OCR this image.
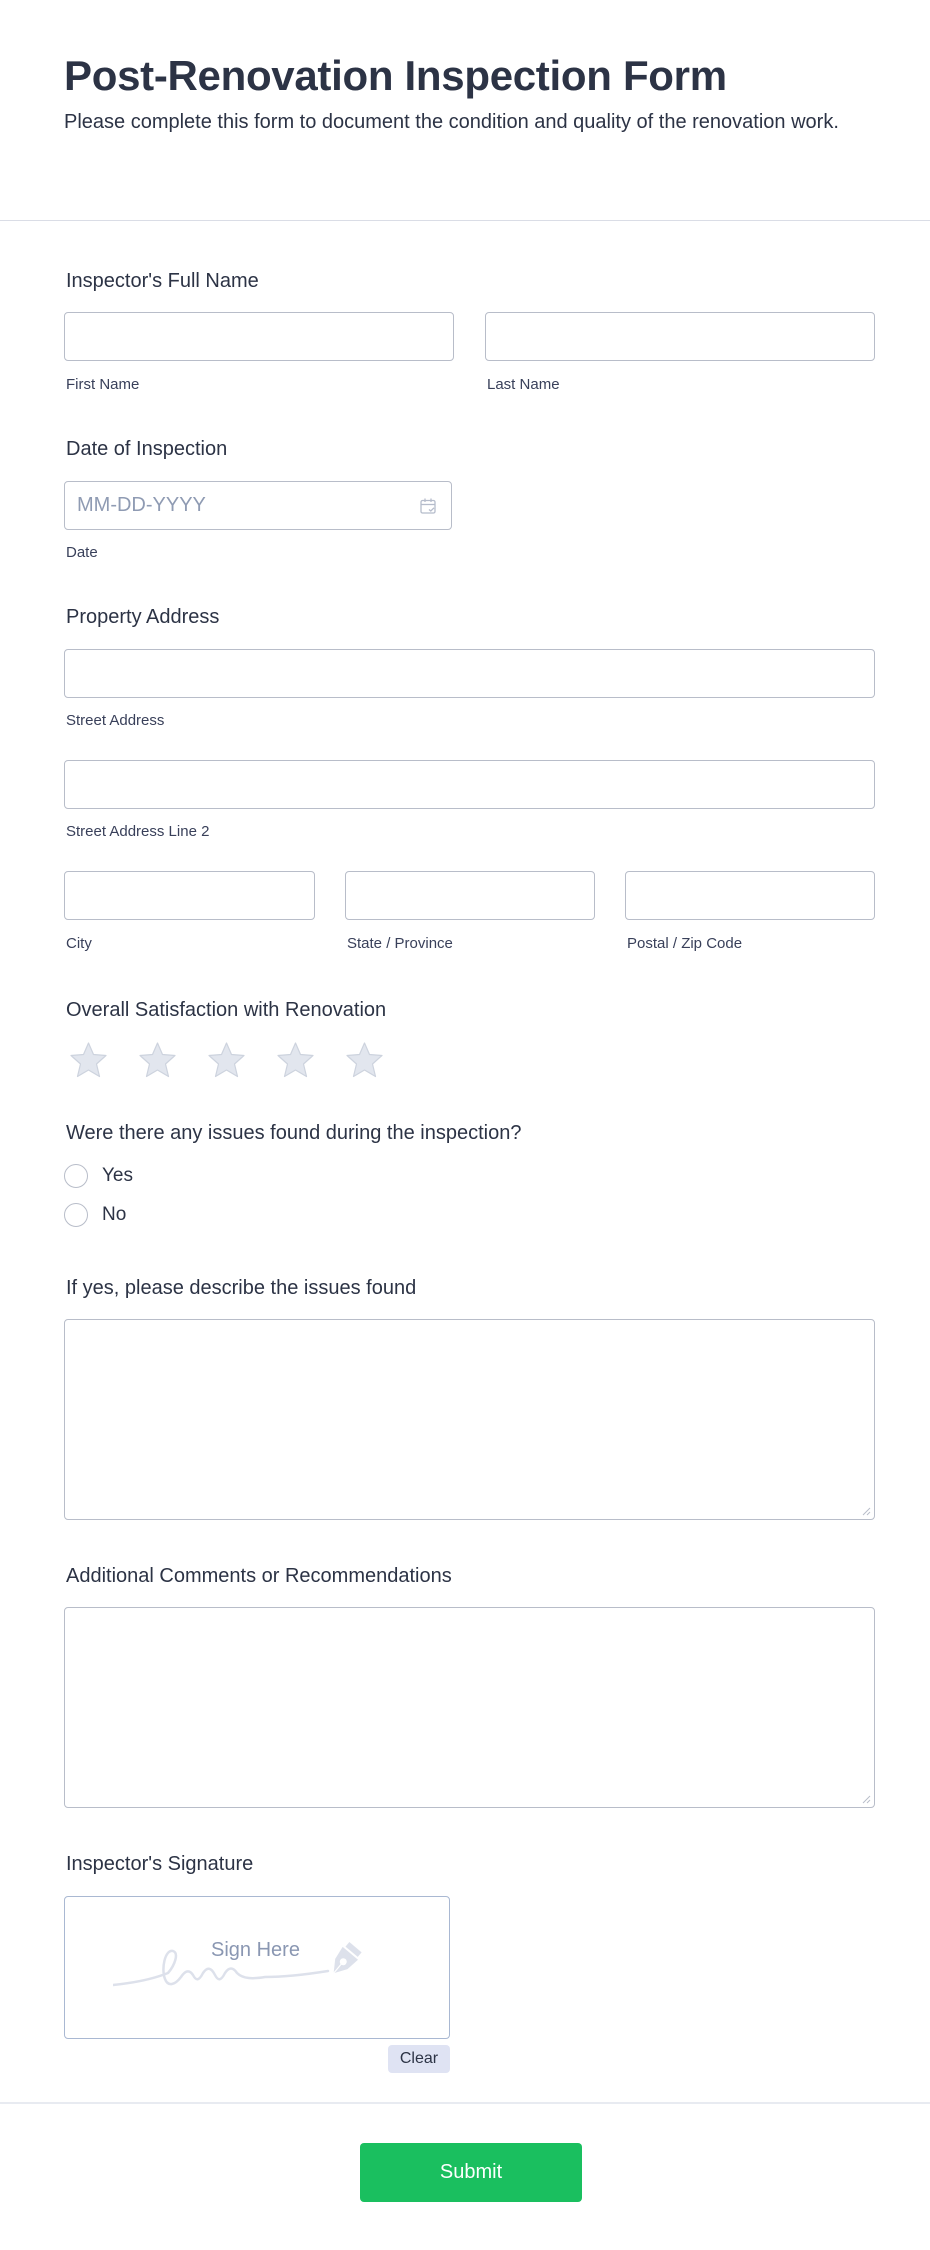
Post-Renovation Inspection Form

Please complete this form to document the condition and quality of the renovation work.

Inspector's Full Name
First Name	Last Name
Date of Inspection
MM-DD-YYYY
Date
Property Address
Street Address
Street Address Line 2
City	State / Province	Postal / Zip Code
Overall Satisfaction with Renovation
Were there any issues found during the inspection?
Yes
No
If yes, please describe the issues found
Additional Comments or Recommendations
Inspector's Signature
Sign Here
Clear
Submit
